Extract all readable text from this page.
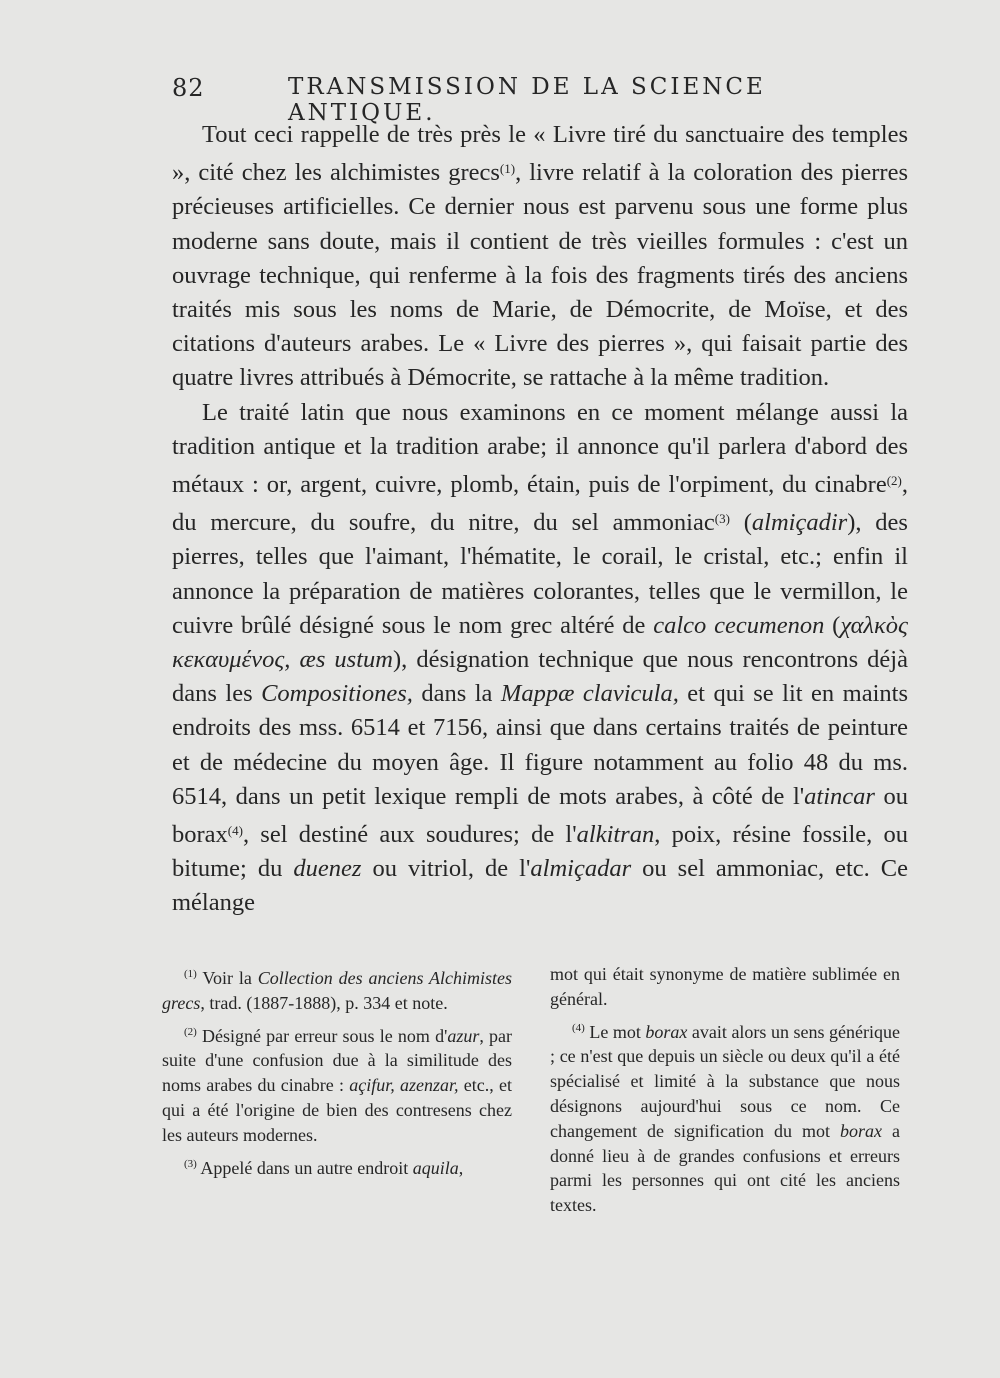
82	TRANSMISSION DE LA SCIENCE ANTIQUE.

Tout ceci rappelle de très près le « Livre tiré du sanctuaire des temples », cité chez les alchimistes grecs$^{(1)}$, livre relatif à la coloration des pierres précieuses artificielles. Ce dernier nous est parvenu sous une forme plus moderne sans doute, mais il contient de très vieilles formules : c'est un ouvrage technique, qui renferme à la fois des fragments tirés des anciens traités mis sous les noms de Marie, de Démocrite, de Moïse, et des citations d'auteurs arabes. Le « Livre des pierres », qui faisait partie des quatre livres attribués à Démocrite, se rattache à la même tradition.

Le traité latin que nous examinons en ce moment mélange aussi la tradition antique et la tradition arabe; il annonce qu'il parlera d'abord des métaux : or, argent, cuivre, plomb, étain, puis de l'orpiment, du cinabre$^{(2)}$, du mercure, du soufre, du nitre, du sel ammoniac$^{(3)}$ (almiçadir), des pierres, telles que l'aimant, l'hématite, le corail, le cristal, etc.; enfin il annonce la préparation de matières colorantes, telles que le vermillon, le cuivre brûlé désigné sous le nom grec altéré de calco cecumenon (χαλκὸς κεκαυμένος, æs ustum), désignation technique que nous rencontrons déjà dans les Compositiones, dans la Mappæ clavicula, et qui se lit en maints endroits des mss. 6514 et 7156, ainsi que dans certains traités de peinture et de médecine du moyen âge. Il figure notamment au folio 48 du ms. 6514, dans un petit lexique rempli de mots arabes, à côté de l'atincar ou borax$^{(4)}$, sel destiné aux soudures; de l'alkitran, poix, résine fossile, ou bitume; du duenez ou vitriol, de l'almiçadar ou sel ammoniac, etc. Ce mélange

$^{(1)}$ Voir la Collection des anciens Alchimistes grecs, trad. (1887-1888), p. 334 et note.

$^{(2)}$ Désigné par erreur sous le nom d'azur, par suite d'une confusion due à la similitude des noms arabes du cinabre : açifur, azenzar, etc., et qui a été l'origine de bien des contresens chez les auteurs modernes.

$^{(3)}$ Appelé dans un autre endroit aquila,

mot qui était synonyme de matière sublimée en général.

$^{(4)}$ Le mot borax avait alors un sens générique ; ce n'est que depuis un siècle ou deux qu'il a été spécialisé et limité à la substance que nous désignons aujourd'hui sous ce nom. Ce changement de signification du mot borax a donné lieu à de grandes confusions et erreurs parmi les personnes qui ont cité les anciens textes.
